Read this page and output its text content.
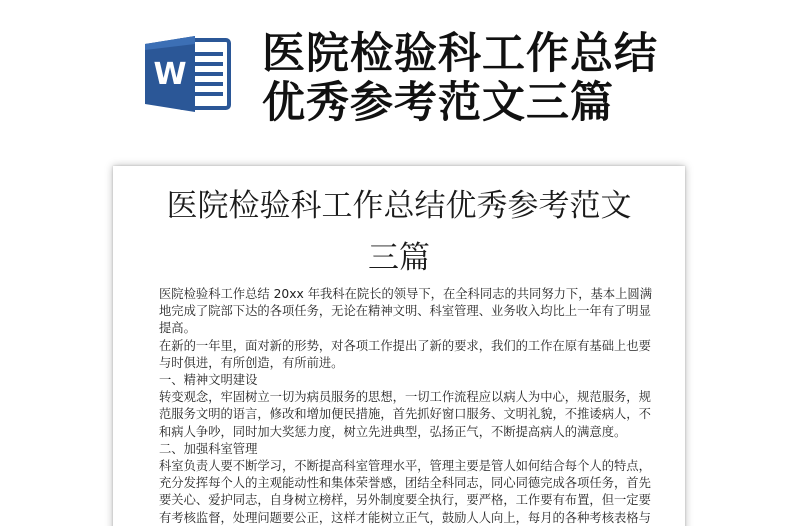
W 医院检验科工作总结
优秀参考范文三篇
医院检验科工作总结优秀参考范文
三篇

医院检验科工作总结 20xx 年我科在院长的领导下，在全科同志的共同努力下，基本上圆满

地完成了院部下达的各项任务，无论在精神文明、科室管理、业务收入均比上一年有了明显

提高。

在新的一年里，面对新的形势，对各项工作提出了新的要求，我们的工作在原有基础上也要

与时俱进，有所创造，有所前进。

一、精神文明建设

转变观念，牢固树立一切为病员服务的思想，一切工作流程应以病人为中心，规范服务，规

范服务文明的语言，修改和增加便民措施，首先抓好窗口服务、文明礼貌，不推诿病人，不

和病人争吵，同时加大奖惩力度，树立先进典型，弘扬正气，不断提高病人的满意度。

二、加强科室管理

科室负责人要不断学习，不断提高科室管理水平，管理主要是管人如何结合每个人的特点，

充分发挥每个人的主观能动性和集体荣誉感，团结全科同志，同心同德完成各项任务，首先

要关心、爱护同志，自身树立榜样，另外制度要全执行，要严格，工作要有布置，但一定要

有考核监督，处理问题要公正，这样才能树立正气，鼓励人人向上，每月的各种考核表格与
